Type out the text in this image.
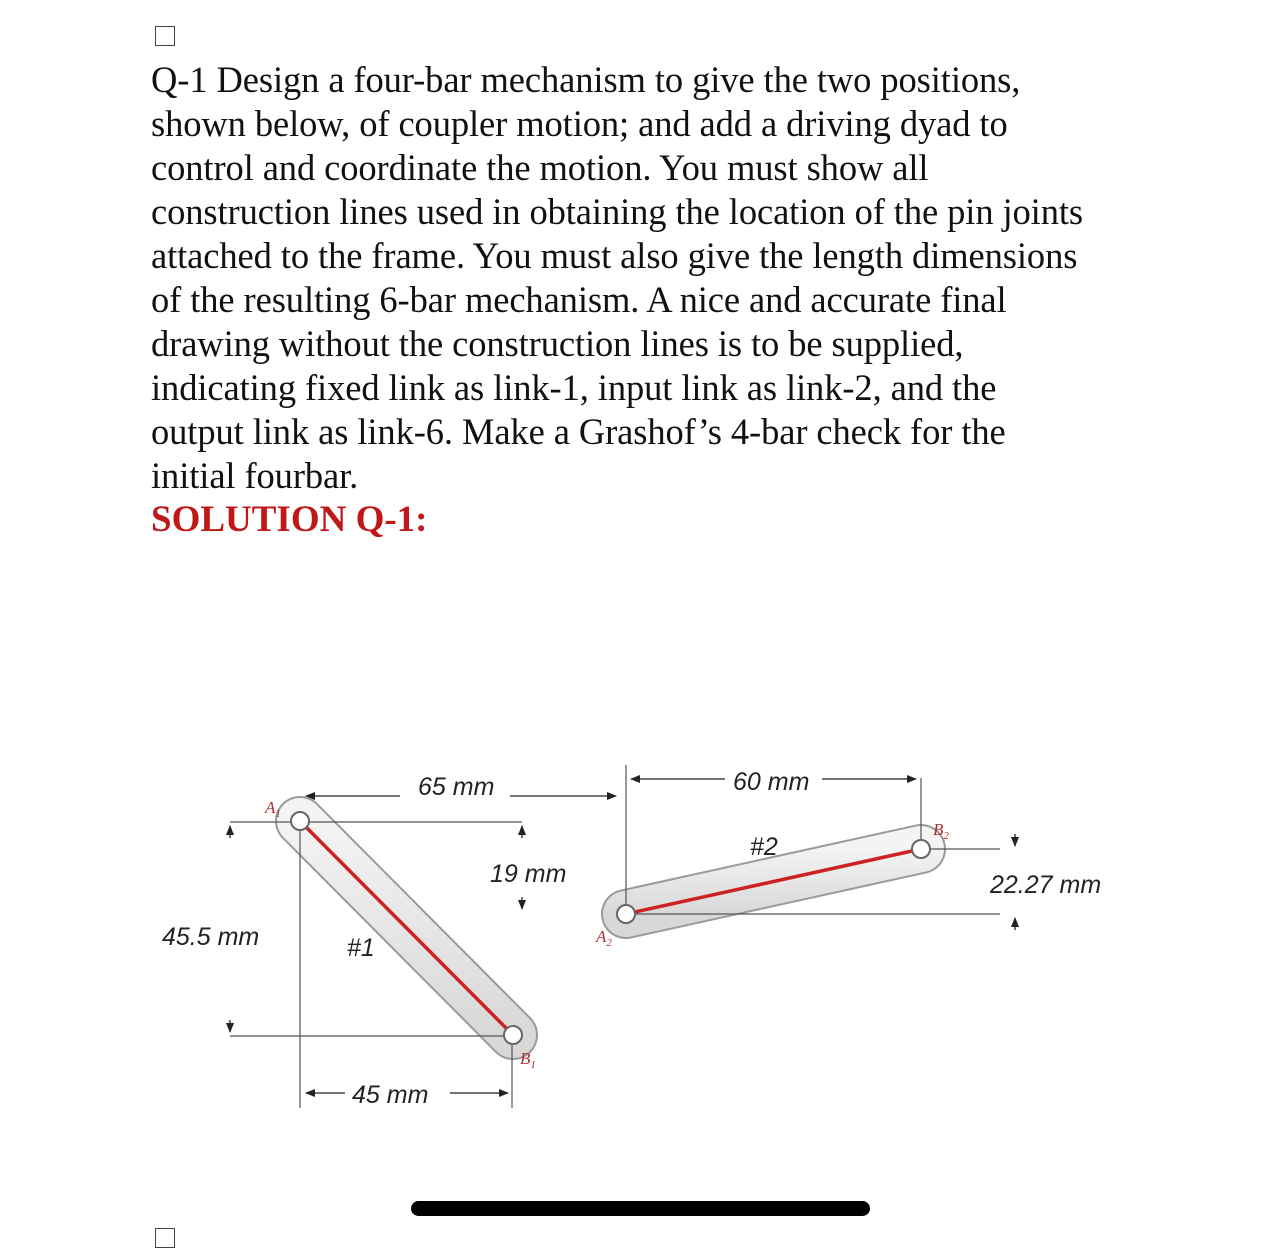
Q-1 Design a four-bar mechanism to give the two positions,
shown below, of coupler motion; and add a driving dyad to
control and coordinate the motion. You must show all
construction lines used in obtaining the location of the pin joints
attached to the frame. You must also give the length dimensions
of the resulting 6-bar mechanism. A nice and accurate final
drawing without the construction lines is to be supplied,
indicating fixed link as link-1, input link as link-2, and the
output link as link-6. Make a Grashof’s 4-bar check for the
initial fourbar.

SOLUTION Q-1:

$A_1$
$B_1$
$A_2$
$B_2$
65 mm	60 mm
19 mm
45.5 mm
45 mm
22.27 mm
#1
#2
